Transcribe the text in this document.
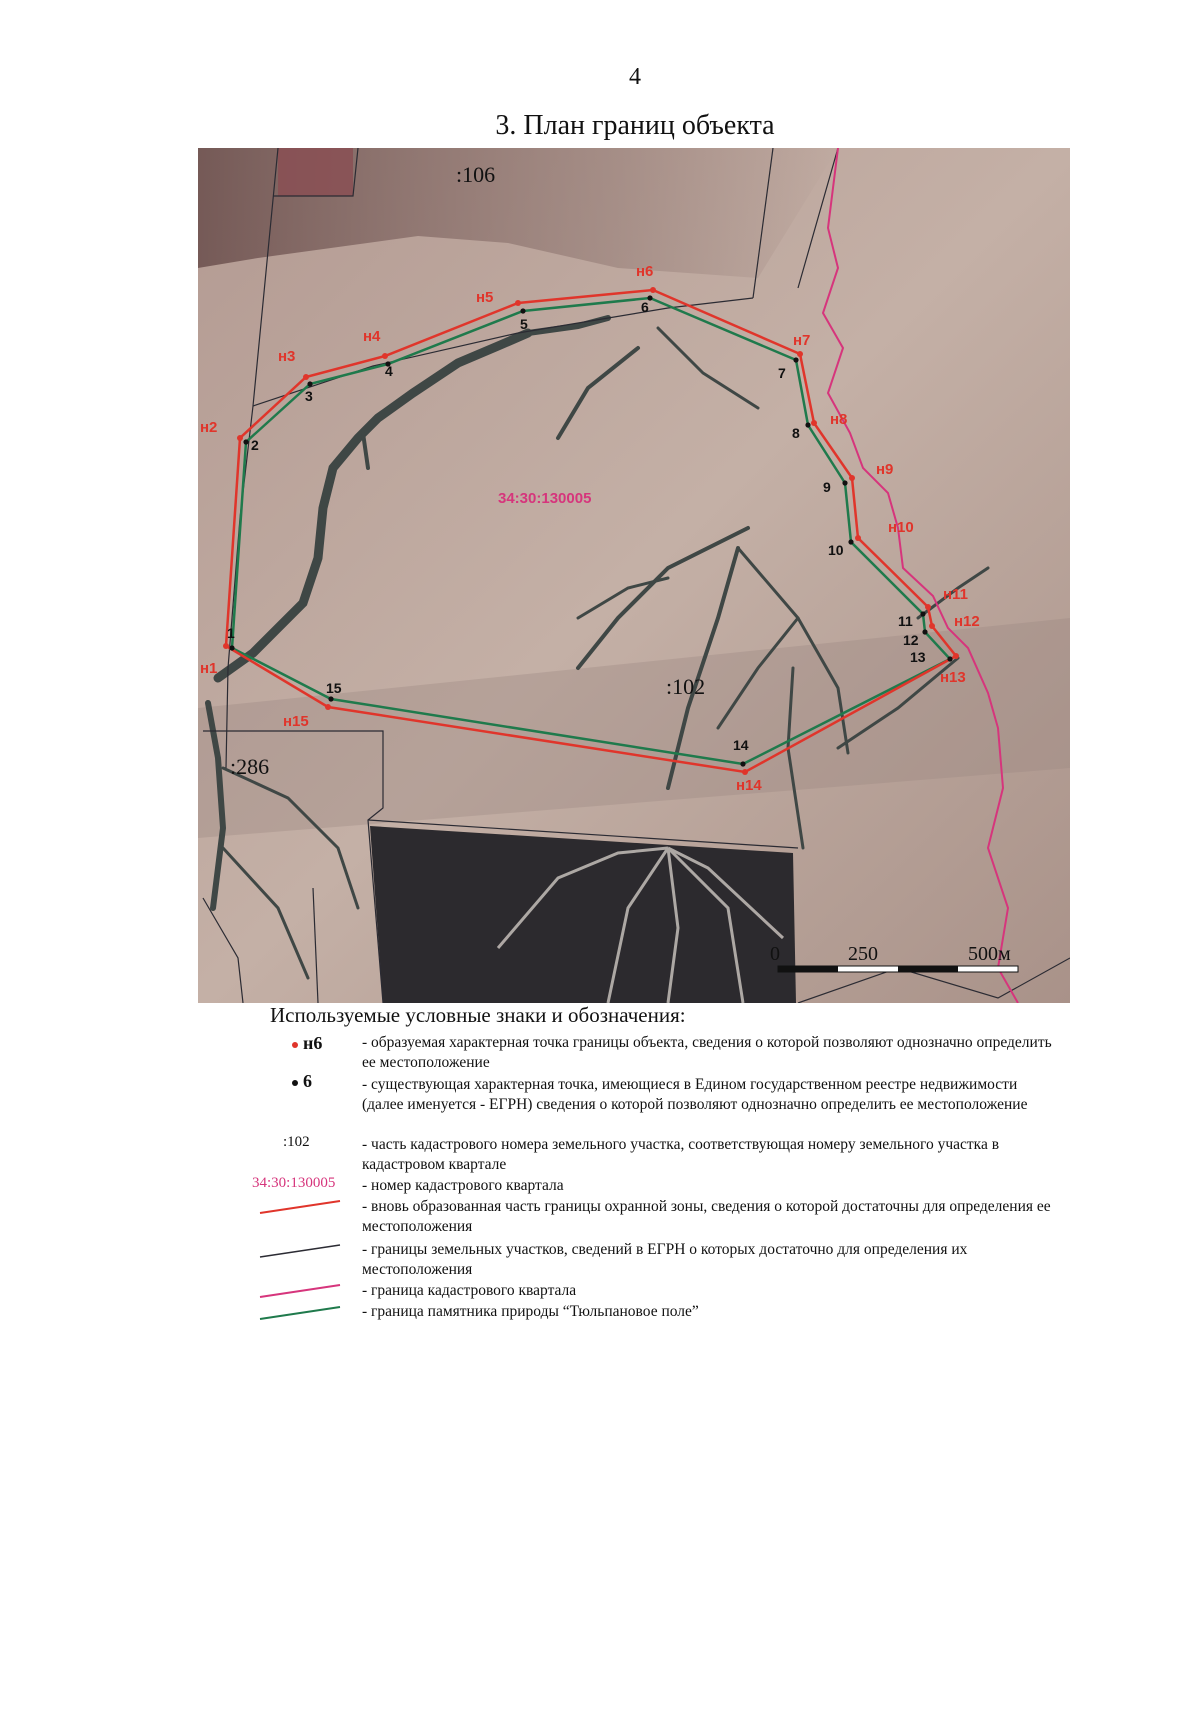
4
3. План границ объекта
н1
н2
н3
н4
н5
н6
н7
н8
н9
н10
н11
н12
н13
н14
н15
1
2
3
4
5
6
7
8
9
10
11
12
13
14
15
:106
:102
:286
34:30:130005
0	250	500м
Используемые условные знаки и обозначения:
н6
6
:102
34:30:130005
- образуемая характерная точка границы объекта, сведения о которой позволяют однозначно определить ее местоположение
- существующая характерная точка, имеющиеся в Едином государственном реестре недвижимости (далее именуется - ЕГРН) сведения о которой позволяют однозначно определить ее местоположение
- часть кадастрового номера земельного участка, соответствующая номеру земельного участка в кадастровом квартале
- номер кадастрового квартала
- вновь образованная часть границы охранной зоны, сведения о которой достаточны для определения ее местоположения
- границы земельных участков, сведений в ЕГРН о которых достаточно для определения их местоположения
- граница кадастрового квартала
- граница памятника природы “Тюльпановое поле”
